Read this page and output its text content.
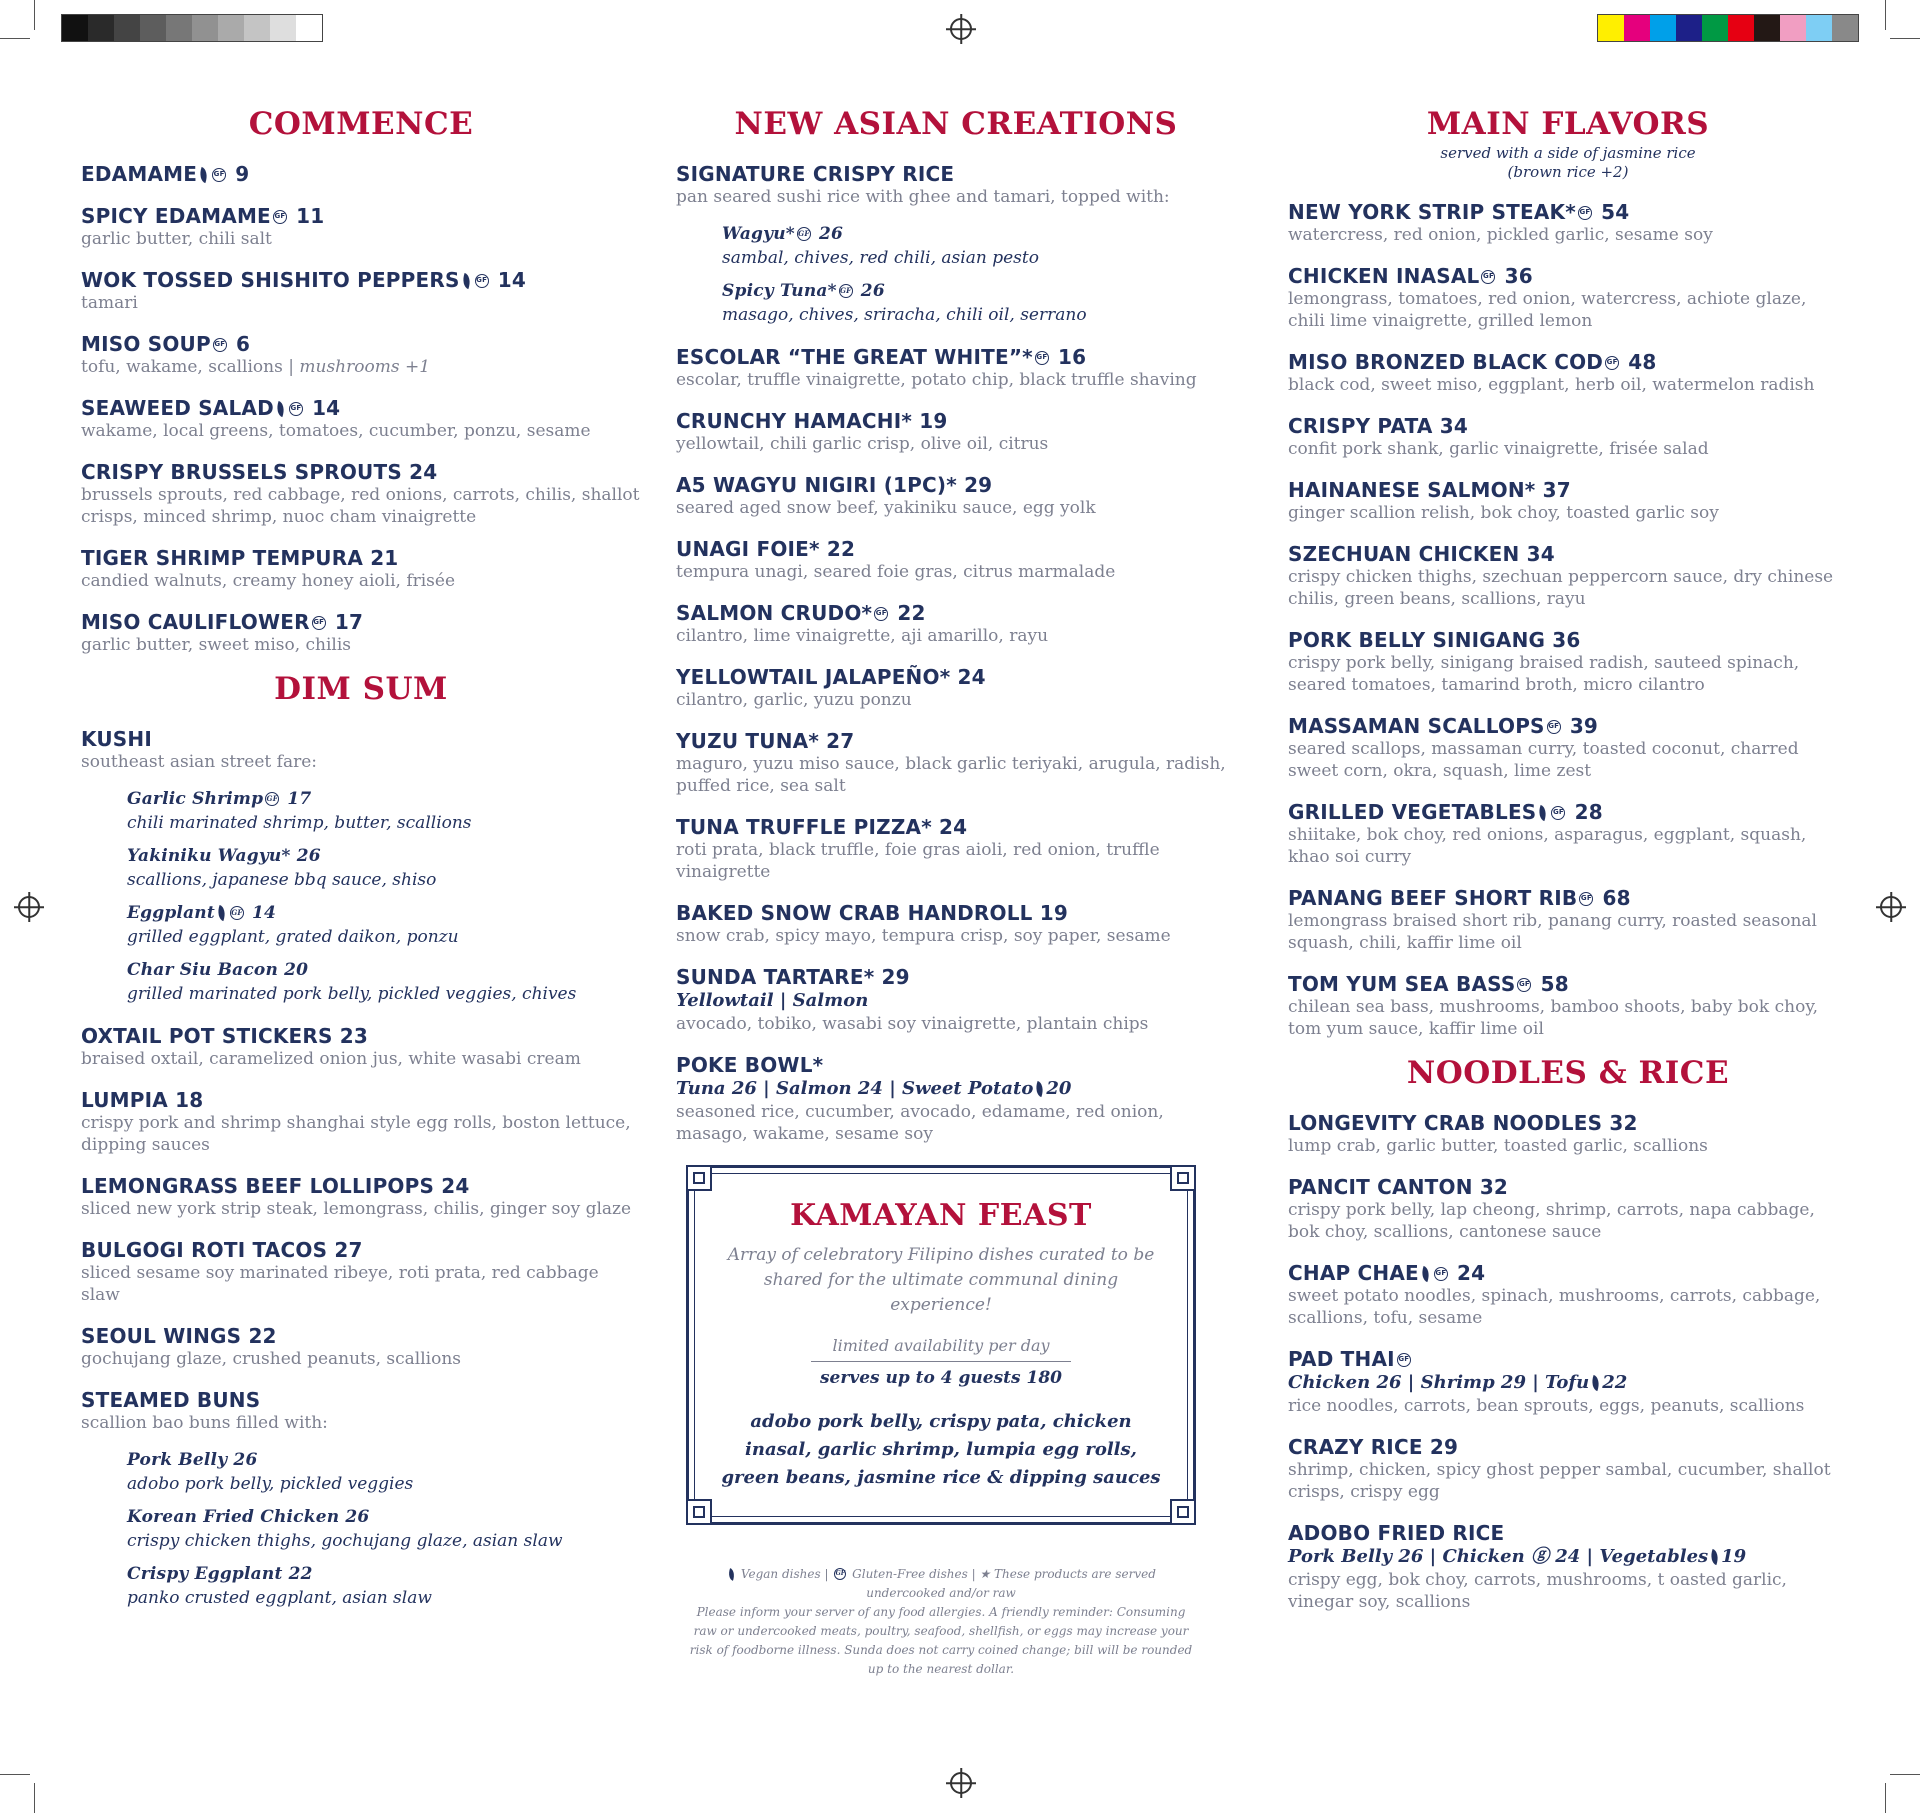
COMMENCE
EDAMAME GF 9
SPICY EDAMAME GF 11
garlic butter, chili salt
WOK TOSSED SHISHITO PEPPERS GF 14
tamari
MISO SOUP GF 6
tofu, wakame, scallions | mushrooms +1
SEAWEED SALAD GF 14
wakame, local greens, tomatoes, cucumber, ponzu, sesame
CRISPY BRUSSELS SPROUTS 24
brussels sprouts, red cabbage, red onions, carrots, chilis, shallot crisps, minced shrimp, nuoc cham vinaigrette
TIGER SHRIMP TEMPURA 21
candied walnuts, creamy honey aioli, frisée
MISO CAULIFLOWER GF 17
garlic butter, sweet miso, chilis
DIM SUM
KUSHI
southeast asian street fare:
Garlic Shrimp GF 17
chili marinated shrimp, butter, scallions
Yakiniku Wagyu* 26
scallions, japanese bbq sauce, shiso
Eggplant GF 14
grilled eggplant, grated daikon, ponzu
Char Siu Bacon 20
grilled marinated pork belly, pickled veggies, chives
OXTAIL POT STICKERS 23
braised oxtail, caramelized onion jus, white wasabi cream
LUMPIA 18
crispy pork and shrimp shanghai style egg rolls, boston lettuce, dipping sauces
LEMONGRASS BEEF LOLLIPOPS 24
sliced new york strip steak, lemongrass, chilis, ginger soy glaze
BULGOGI ROTI TACOS 27
sliced sesame soy marinated ribeye, roti prata, red cabbage slaw
SEOUL WINGS 22
gochujang glaze, crushed peanuts, scallions
STEAMED BUNS
scallion bao buns filled with:
Pork Belly 26
adobo pork belly, pickled veggies
Korean Fried Chicken 26
crispy chicken thighs, gochujang glaze, asian slaw
Crispy Eggplant 22
panko crusted eggplant, asian slaw
NEW ASIAN CREATIONS
SIGNATURE CRISPY RICE
pan seared sushi rice with ghee and tamari, topped with:
Wagyu* GF 26
sambal, chives, red chili, asian pesto
Spicy Tuna* GF 26
masago, chives, sriracha, chili oil, serrano
ESCOLAR “THE GREAT WHITE”* GF 16
escolar, truffle vinaigrette, potato chip, black truffle shaving
CRUNCHY HAMACHI* 19
yellowtail, chili garlic crisp, olive oil, citrus
A5 WAGYU NIGIRI (1PC)* 29
seared aged snow beef, yakiniku sauce, egg yolk
UNAGI FOIE* 22
tempura unagi, seared foie gras, citrus marmalade
SALMON CRUDO* GF 22
cilantro, lime vinaigrette, aji amarillo, rayu
YELLOWTAIL JALAPEÑO* 24
cilantro, garlic, yuzu ponzu
YUZU TUNA* 27
maguro, yuzu miso sauce, black garlic teriyaki, arugula, radish, puffed rice, sea salt
TUNA TRUFFLE PIZZA* 24
roti prata, black truffle, foie gras aioli, red onion, truffle vinaigrette
BAKED SNOW CRAB HANDROLL 19
snow crab, spicy mayo, tempura crisp, soy paper, sesame
SUNDA TARTARE* 29
Yellowtail | Salmon
avocado, tobiko, wasabi soy vinaigrette, plantain chips
POKE BOWL*
Tuna 26 | Salmon 24 | Sweet Potato 20
seasoned rice, cucumber, avocado, edamame, red onion, masago, wakame, sesame soy
KAMAYAN FEAST
Array of celebratory Filipino dishes curated to be shared for the ultimate communal dining experience!
limited availability per day
serves up to 4 guests 180
adobo pork belly, crispy pata, chicken inasal, garlic shrimp, lumpia egg rolls, green beans, jasmine rice & dipping sauces
Vegan dishes | GF Gluten-Free dishes | ★ These products are served undercooked and/or raw
Please inform your server of any food allergies. A friendly reminder: Consuming raw or undercooked meats, poultry, seafood, shellfish, or eggs may increase your risk of foodborne illness. Sunda does not carry coined change; bill will be rounded up to the nearest dollar.
MAIN FLAVORS
served with a side of jasmine rice
(brown rice +2)
NEW YORK STRIP STEAK* GF 54
watercress, red onion, pickled garlic, sesame soy
CHICKEN INASAL GF 36
lemongrass, tomatoes, red onion, watercress, achiote glaze, chili lime vinaigrette, grilled lemon
MISO BRONZED BLACK COD GF 48
black cod, sweet miso, eggplant, herb oil, watermelon radish
CRISPY PATA 34
confit pork shank, garlic vinaigrette, frisée salad
HAINANESE SALMON* 37
ginger scallion relish, bok choy, toasted garlic soy
SZECHUAN CHICKEN 34
crispy chicken thighs, szechuan peppercorn sauce, dry chinese chilis, green beans, scallions, rayu
PORK BELLY SINIGANG 36
crispy pork belly, sinigang braised radish, sauteed spinach, seared tomatoes, tamarind broth, micro cilantro
MASSAMAN SCALLOPS GF 39
seared scallops, massaman curry, toasted coconut, charred sweet corn, okra, squash, lime zest
GRILLED VEGETABLES GF 28
shiitake, bok choy, red onions, asparagus, eggplant, squash, khao soi curry
PANANG BEEF SHORT RIB GF 68
lemongrass braised short rib, panang curry, roasted seasonal squash, chili, kaffir lime oil
TOM YUM SEA BASS GF 58
chilean sea bass, mushrooms, bamboo shoots, baby bok choy, tom yum sauce, kaffir lime oil
NOODLES & RICE
LONGEVITY CRAB NOODLES 32
lump crab, garlic butter, toasted garlic, scallions
PANCIT CANTON 32
crispy pork belly, lap cheong, shrimp, carrots, napa cabbage, bok choy, scallions, cantonese sauce
CHAP CHAE GF 24
sweet potato noodles, spinach, mushrooms, carrots, cabbage, scallions, tofu, sesame
PAD THAI GF
Chicken 26 | Shrimp 29 | Tofu 22
rice noodles, carrots, bean sprouts, eggs, peanuts, scallions
CRAZY RICE 29
shrimp, chicken, spicy ghost pepper sambal, cucumber, shallot crisps, crispy egg
ADOBO FRIED RICE
Pork Belly 26 | Chicken ⓖ 24 | Vegetables 19
crispy egg, bok choy, carrots, mushrooms, t oasted garlic, vinegar soy, scallions
